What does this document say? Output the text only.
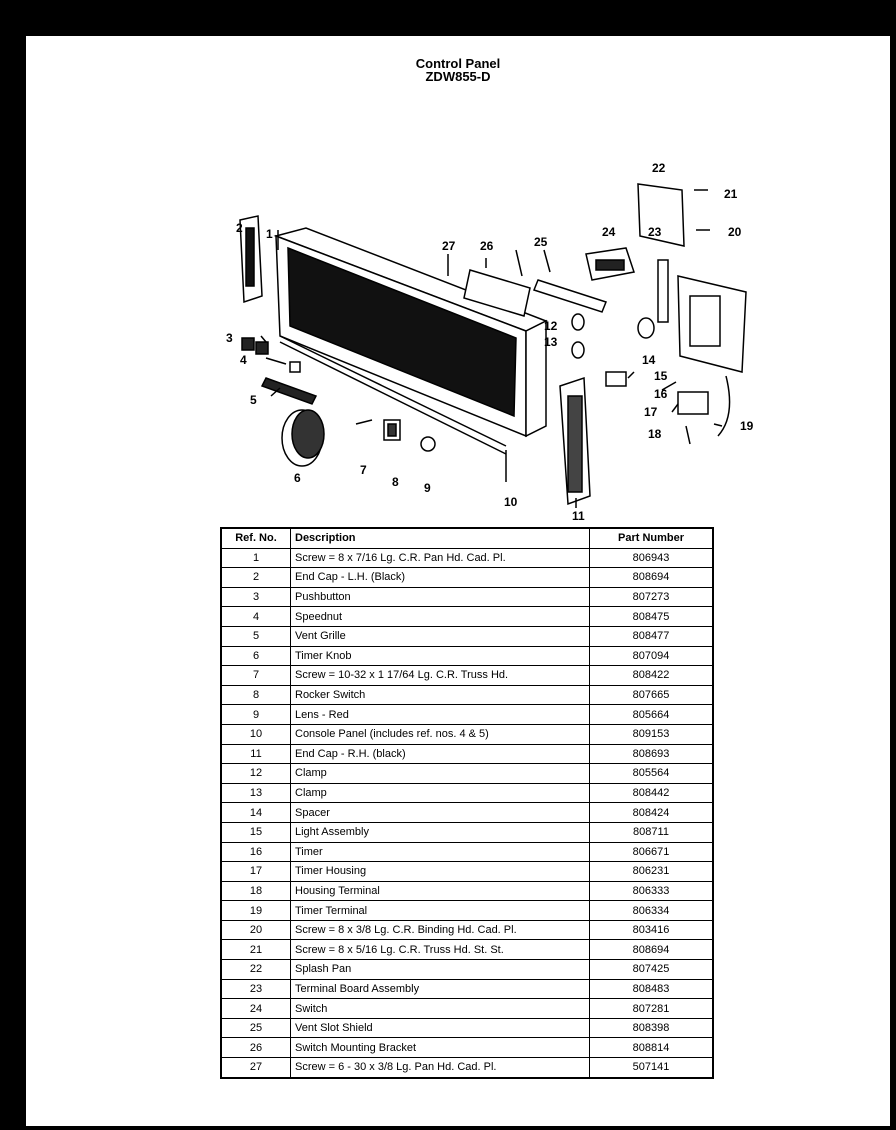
Control Panel
ZDW855-D
1
2
3
4
5
6
7
8 9
10
11
12
13
14
15
16
17
18
19
20
21
22
23
24
25
26
27
Ref. No.	Description	Part Number
1	Screw = 8 x 7/16 Lg. C.R. Pan Hd. Cad. Pl.	806943
2	End Cap - L.H. (Black)	808694
3	Pushbutton	807273
4	Speednut	808475
5	Vent Grille	808477
6	Timer Knob	807094
7	Screw = 10-32 x 1 17/64 Lg. C.R. Truss Hd.	808422
8	Rocker Switch	807665
9	Lens - Red	805664
10	Console Panel (includes ref. nos. 4 & 5)	809153
11	End Cap - R.H. (black)	808693
12	Clamp	805564
13	Clamp	808442
14	Spacer	808424
15	Light Assembly	808711
16	Timer	806671
17	Timer Housing	806231
18	Housing Terminal	806333
19	Timer Terminal	806334
20	Screw = 8 x 3/8 Lg. C.R. Binding Hd. Cad. Pl.	803416
21	Screw = 8 x 5/16 Lg. C.R. Truss Hd. St. St.	808694
22	Splash Pan	807425
23	Terminal Board Assembly	808483
24	Switch	807281
25	Vent Slot Shield	808398
26	Switch Mounting Bracket	808814
27	Screw = 6 - 30 x 3/8 Lg. Pan Hd. Cad. Pl.	507141
